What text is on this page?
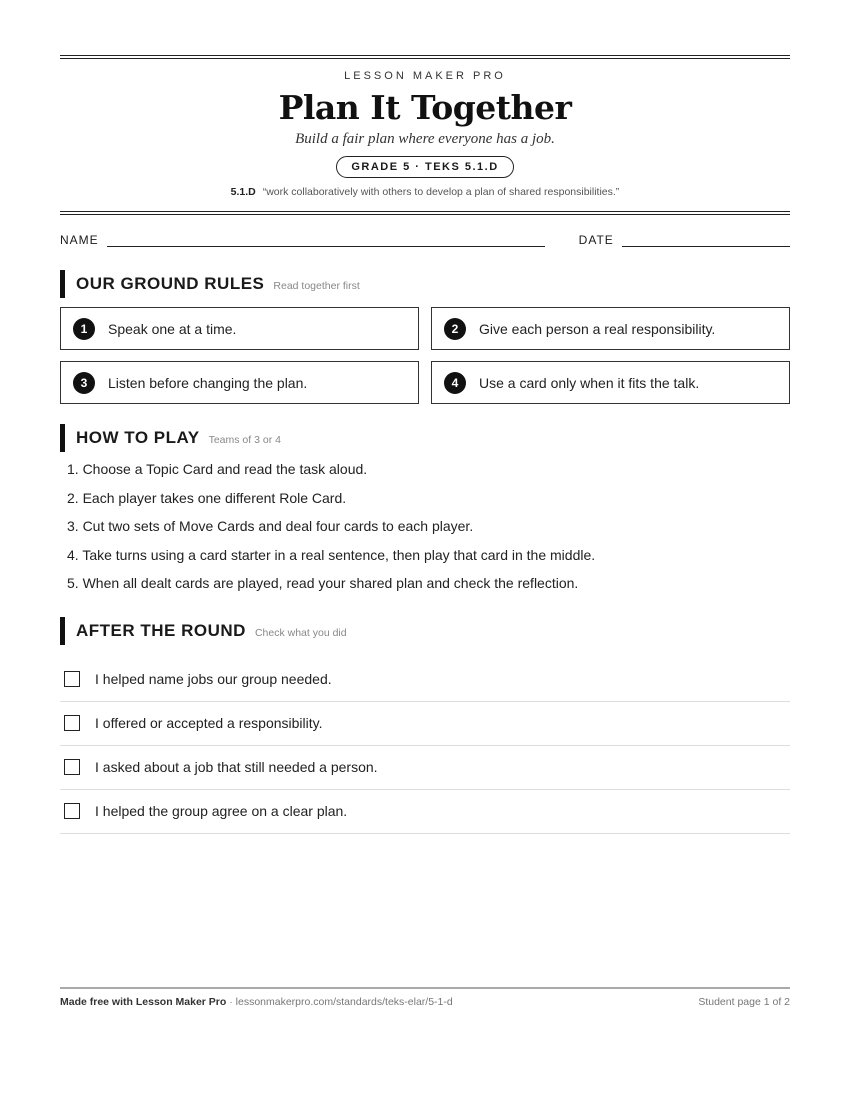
LESSON MAKER PRO
Plan It Together
Build a fair plan where everyone has a job.
GRADE 5 · TEKS 5.1.D
5.1.D “work collaboratively with others to develop a plan of shared responsibilities.”
NAME	DATE
OUR GROUND RULES Read together first
1	Speak one at a time.	2	Give each person a real responsibility.
3	Listen before changing the plan.	4	Use a card only when it fits the talk.
HOW TO PLAY Teams of 3 or 4
1. Choose a Topic Card and read the task aloud.
2. Each player takes one different Role Card.
3. Cut two sets of Move Cards and deal four cards to each player.
4. Take turns using a card starter in a real sentence, then play that card in the middle.
5. When all dealt cards are played, read your shared plan and check the reflection.
AFTER THE ROUND Check what you did
I helped name jobs our group needed.
I offered or accepted a responsibility.
I asked about a job that still needed a person.
I helped the group agree on a clear plan.
Made free with Lesson Maker Pro · lessonmakerpro.com/standards/teks-elar/5-1-d	Student page 1 of 2
